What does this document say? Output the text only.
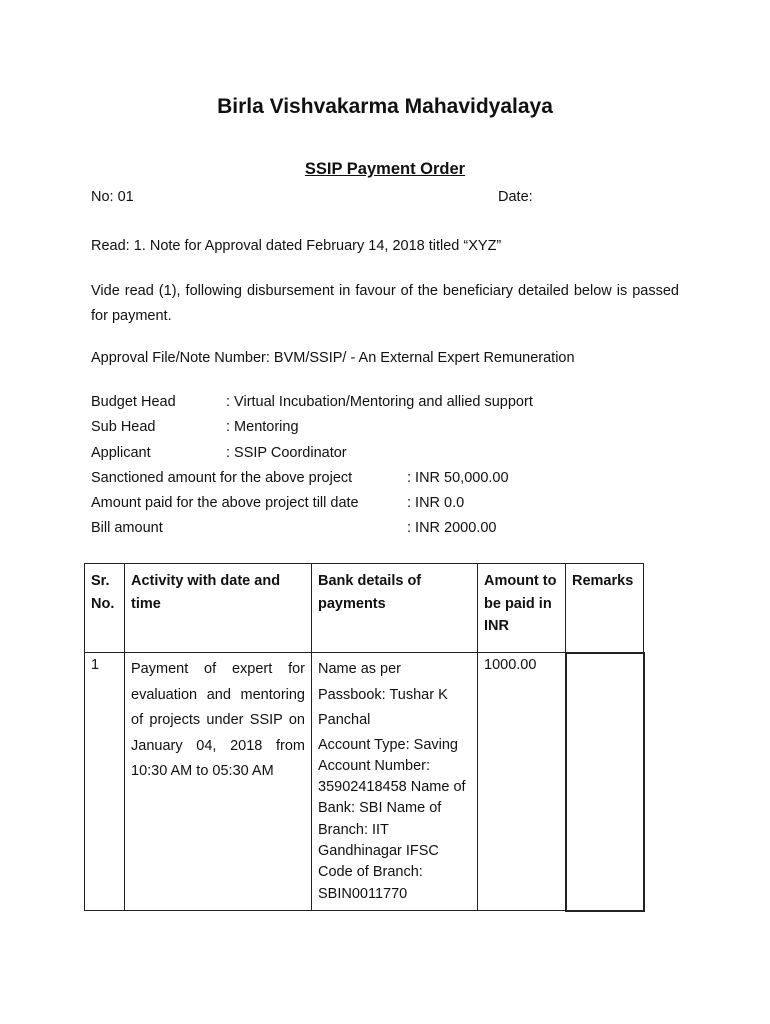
Birla Vishvakarma Mahavidyalaya
SSIP Payment Order
No: 01	Date:
Read: 1. Note for Approval dated February 14, 2018 titled “XYZ”
Vide read (1), following disbursement in favour of the beneficiary detailed below is passed for payment.
Approval File/Note Number: BVM/SSIP/ - An External Expert Remuneration
Budget Head	: Virtual Incubation/Mentoring and allied support
Sub Head	: Mentoring
Applicant	: SSIP Coordinator
Sanctioned amount for the above project	: INR 50,000.00
Amount paid for the above project till date	: INR 0.0
Bill amount	: INR 2000.00
Sr. No.	Activity with date and time	Bank details of payments	Amount to be paid in INR	Remarks
1	Payment of expert for evaluation and mentoring of projects under SSIP on January 04, 2018 from 10:30 AM to 05:30 AM	Name as per Passbook: Tushar K Panchal
Account Type: Saving Account Number: 35902418458 Name of Bank: SBI Name of Branch: IIT Gandhinagar IFSC Code of Branch: SBIN0011770	1000.00	
